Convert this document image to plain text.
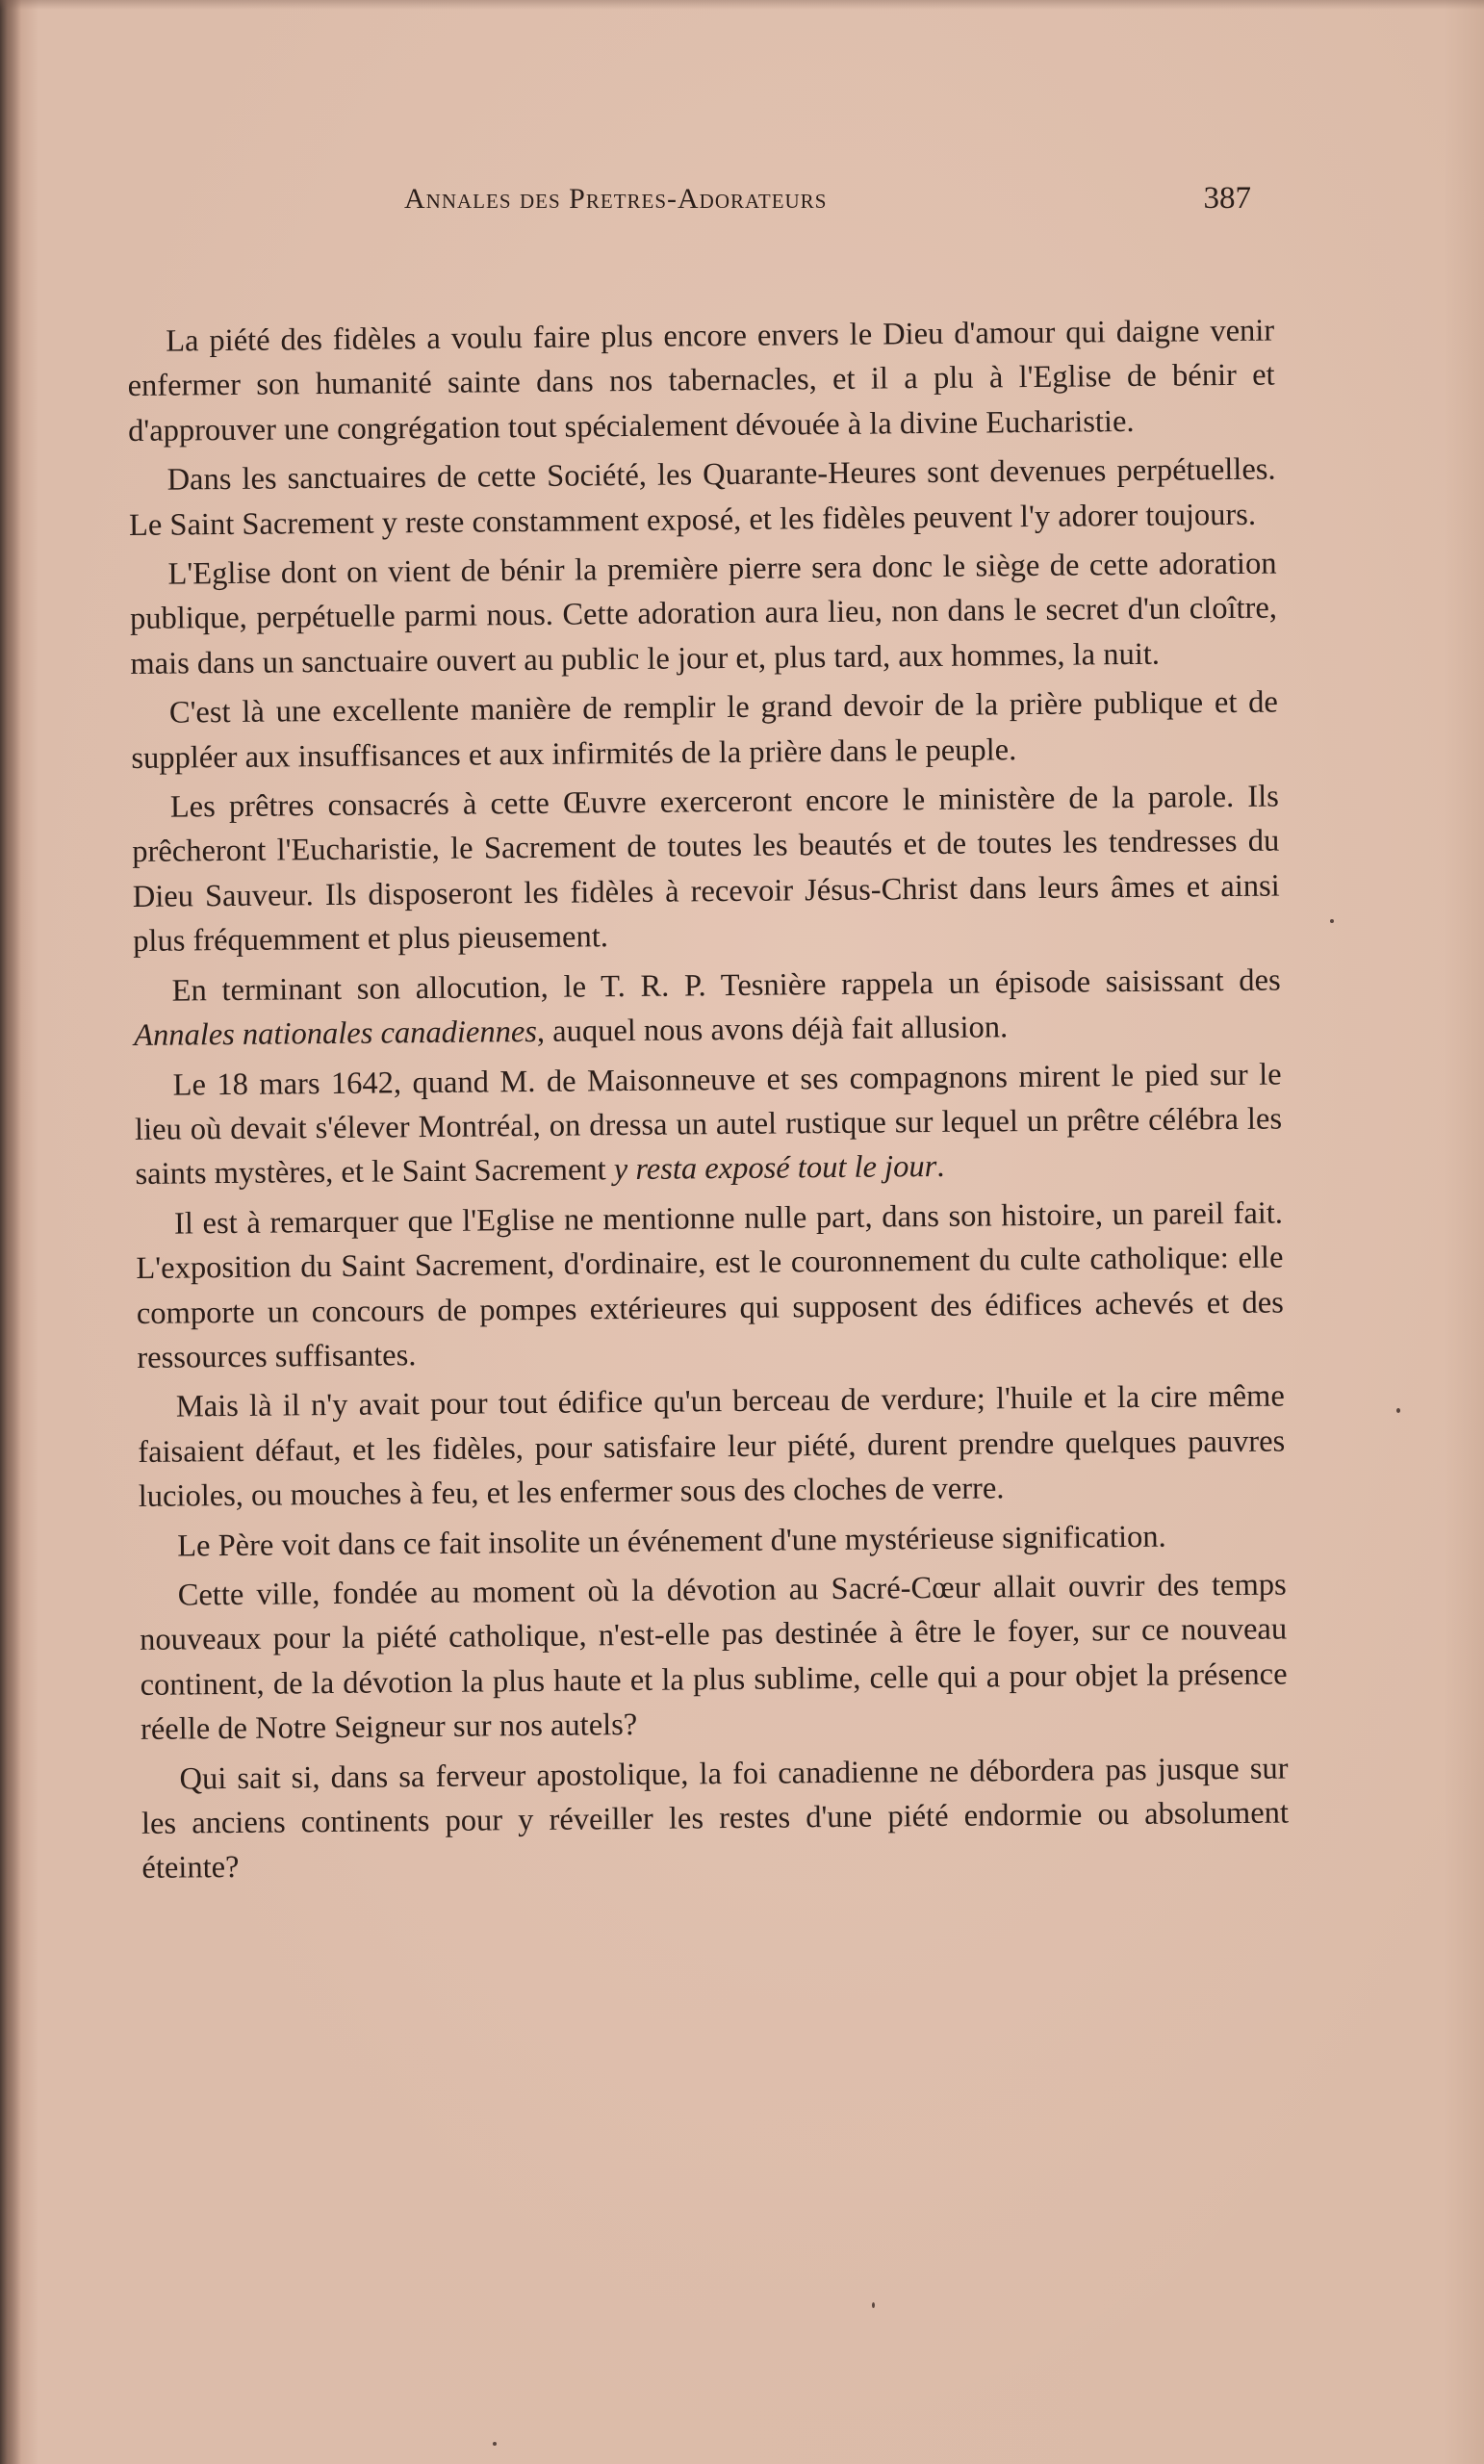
Annales des Pretres-Adorateurs	387

La piété des fidèles a voulu faire plus encore envers le Dieu d'amour qui daigne venir enfermer son humanité sainte dans nos tabernacles, et il a plu à l'Eglise de bénir et d'approuver une congrégation tout spécialement dévouée à la divine Eucharistie.

Dans les sanctuaires de cette Société, les Quarante-Heures sont devenues perpétuelles. Le Saint Sacrement y reste constamment exposé, et les fidèles peuvent l'y adorer toujours.

L'Eglise dont on vient de bénir la première pierre sera donc le siège de cette adoration publique, perpétuelle parmi nous. Cette adoration aura lieu, non dans le secret d'un cloître, mais dans un sanctuaire ouvert au public le jour et, plus tard, aux hommes, la nuit.

C'est là une excellente manière de remplir le grand devoir de la prière publique et de suppléer aux insuffisances et aux infirmités de la prière dans le peuple.

Les prêtres consacrés à cette Œuvre exerceront encore le ministère de la parole. Ils prêcheront l'Eucharistie, le Sacrement de toutes les beautés et de toutes les tendresses du Dieu Sauveur. Ils disposeront les fidèles à recevoir Jésus-Christ dans leurs âmes et ainsi plus fréquemment et plus pieusement.

En terminant son allocution, le T. R. P. Tesnière rappela un épisode saisissant des Annales nationales canadiennes, auquel nous avons déjà fait allusion.

Le 18 mars 1642, quand M. de Maisonneuve et ses compagnons mirent le pied sur le lieu où devait s'élever Montréal, on dressa un autel rustique sur lequel un prêtre célébra les saints mystères, et le Saint Sacrement y resta exposé tout le jour.

Il est à remarquer que l'Eglise ne mentionne nulle part, dans son histoire, un pareil fait. L'exposition du Saint Sacrement, d'ordinaire, est le couronnement du culte catholique: elle comporte un concours de pompes extérieures qui supposent des édifices achevés et des ressources suffisantes.

Mais là il n'y avait pour tout édifice qu'un berceau de verdure; l'huile et la cire même faisaient défaut, et les fidèles, pour satisfaire leur piété, durent prendre quelques pauvres lucioles, ou mouches à feu, et les enfermer sous des cloches de verre.

Le Père voit dans ce fait insolite un événement d'une mystérieuse signification.

Cette ville, fondée au moment où la dévotion au Sacré-Cœur allait ouvrir des temps nouveaux pour la piété catholique, n'est-elle pas destinée à être le foyer, sur ce nouveau continent, de la dévotion la plus haute et la plus sublime, celle qui a pour objet la présence réelle de Notre Seigneur sur nos autels?

Qui sait si, dans sa ferveur apostolique, la foi canadienne ne débordera pas jusque sur les anciens continents pour y réveiller les restes d'une piété endormie ou absolument éteinte?
